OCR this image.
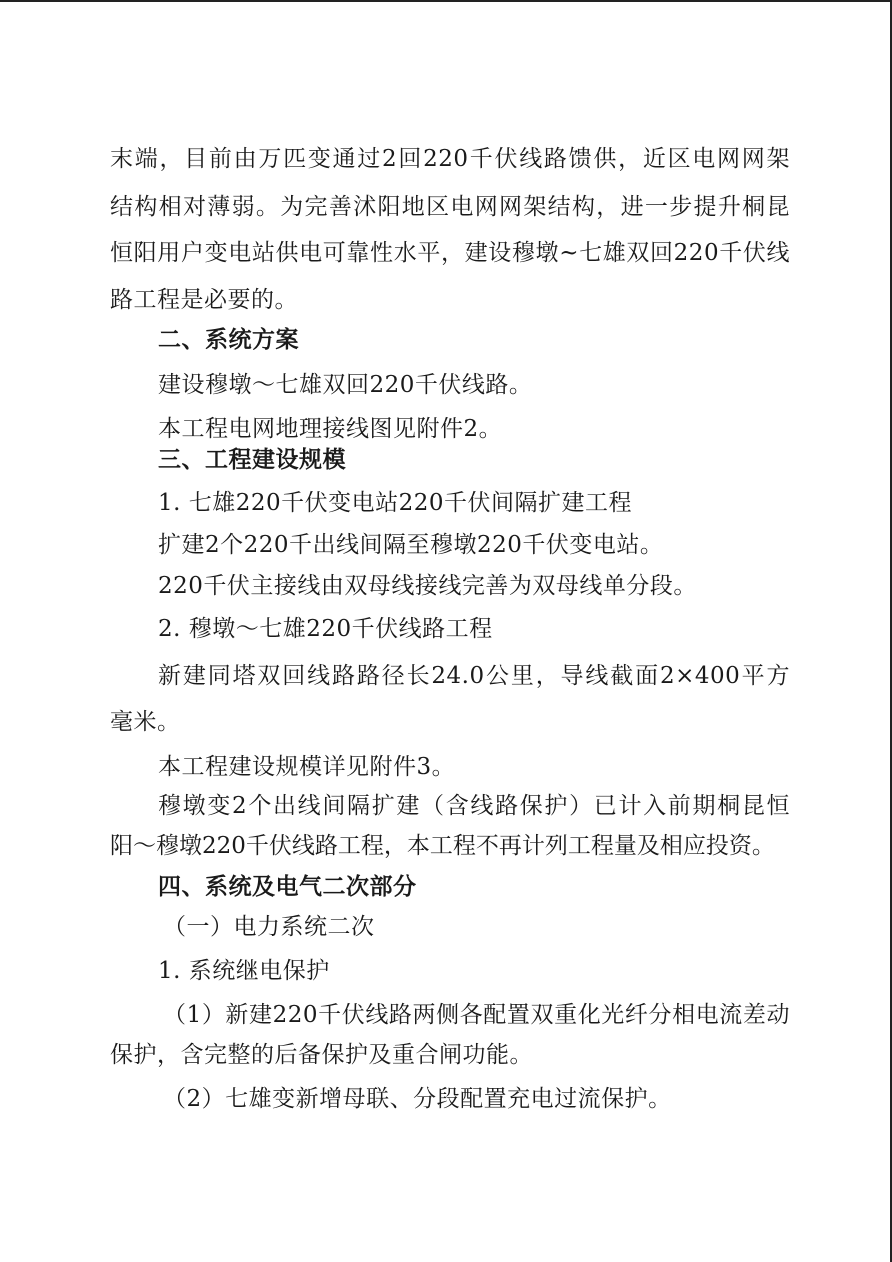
末端，目前由万匹变通过2回220千伏线路馈供，近区电网网架
结构相对薄弱。为完善沭阳地区电网网架结构，进一步提升桐昆
恒阳用户变电站供电可靠性水平，建设穆墩~七雄双回220千伏线
路工程是必要的。
二、系统方案
建设穆墩～七雄双回220千伏线路。
本工程电网地理接线图见附件2。
三、工程建设规模
1. 七雄220千伏变电站220千伏间隔扩建工程
扩建2个220千出线间隔至穆墩220千伏变电站。
220千伏主接线由双母线接线完善为双母线单分段。
2. 穆墩～七雄220千伏线路工程
新建同塔双回线路路径长24.0公里，导线截面2×400平方
毫米。
本工程建设规模详见附件3。
穆墩变2个出线间隔扩建（含线路保护）已计入前期桐昆恒
阳～穆墩220千伏线路工程，本工程不再计列工程量及相应投资。
四、系统及电气二次部分
（一）电力系统二次
1. 系统继电保护
（1）新建220千伏线路两侧各配置双重化光纤分相电流差动
保护，含完整的后备保护及重合闸功能。
（2）七雄变新增母联、分段配置充电过流保护。
